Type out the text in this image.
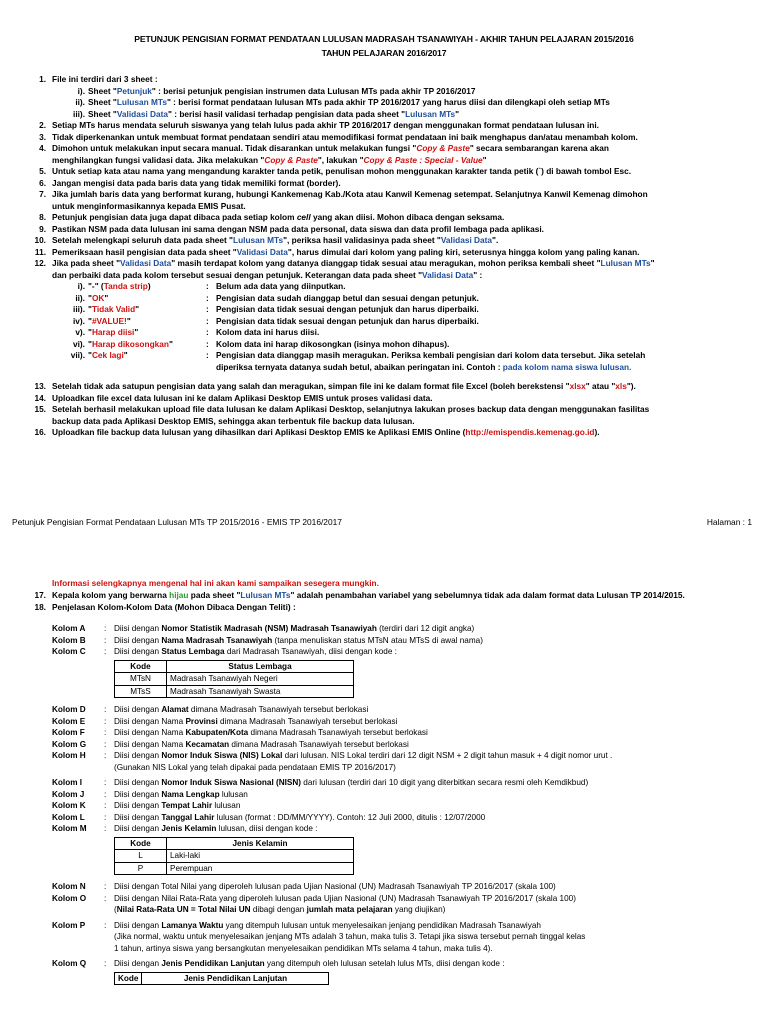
PETUNJUK PENGISIAN FORMAT PENDATAAN LULUSAN MADRASAH TSANAWIYAH - AKHIR TAHUN PELAJARAN 2015/2016
TAHUN PELAJARAN 2016/2017
1. File ini terdiri dari 3 sheet :
i). Sheet "Petunjuk" : berisi petunjuk pengisian instrumen data Lulusan MTs pada akhir TP 2016/2017
ii). Sheet "Lulusan MTs" : berisi format pendataan lulusan MTs pada akhir TP 2016/2017 yang harus diisi dan dilengkapi oleh setiap MTs
iii). Sheet "Validasi Data" : berisi hasil validasi terhadap pengisian data pada sheet "Lulusan MTs"
2. Setiap MTs harus mendata seluruh siswanya yang telah lulus pada akhir TP 2016/2017 dengan menggunakan format pendataan lulusan ini.
3. Tidak diperkenankan untuk membuat format pendataan sendiri atau memodifikasi format pendataan ini baik menghapus dan/atau menambah kolom.
4. Dimohon untuk melakukan input secara manual. Tidak disarankan untuk melakukan fungsi "Copy & Paste" secara sembarangan karena akan
menghilangkan fungsi validasi data. Jika melakukan "Copy & Paste", lakukan "Copy & Paste : Special - Value"
5. Untuk setiap kata atau nama yang mengandung karakter tanda petik, penulisan mohon menggunakan karakter tanda petik (`) di bawah tombol Esc.
6. Jangan mengisi data pada baris data yang tidak memiliki format (border).
7. Jika jumlah baris data yang berformat kurang, hubungi Kankemenag Kab./Kota atau Kanwil Kemenag setempat. Selanjutnya Kanwil Kemenag dimohon
untuk menginformasikannya kepada EMIS Pusat.
8. Petunjuk pengisian data juga dapat dibaca pada setiap kolom cell yang akan diisi. Mohon dibaca dengan seksama.
9. Pastikan NSM pada data lulusan ini sama dengan NSM pada data personal, data siswa dan data profil lembaga pada aplikasi.
10. Setelah melengkapi seluruh data pada sheet "Lulusan MTs", periksa hasil validasinya pada sheet "Validasi Data".
11. Pemeriksaan hasil pengisian data pada sheet "Validasi Data", harus dimulai dari kolom yang paling kiri, seterusnya hingga kolom yang paling kanan.
12. Jika pada sheet "Validasi Data" masih terdapat kolom yang datanya dianggap tidak sesuai atau meragukan, mohon periksa kembali sheet "Lulusan MTs"
dan perbaiki data pada kolom tersebut sesuai dengan petunjuk. Keterangan data pada sheet "Validasi Data" :
i). "-" (Tanda strip)	: Belum ada data yang diinputkan.
ii). "OK"	: Pengisian data sudah dianggap betul dan sesuai dengan petunjuk.
iii). "Tidak Valid"	: Pengisian data tidak sesuai dengan petunjuk dan harus diperbaiki.
iv). "#VALUE!"	: Pengisian data tidak sesuai dengan petunjuk dan harus diperbaiki.
v). "Harap diisi"	: Kolom data ini harus diisi.
vi). "Harap dikosongkan"	: Kolom data ini harap dikosongkan (isinya mohon dihapus).
vii). "Cek lagi"	: Pengisian data dianggap masih meragukan. Periksa kembali pengisian dari kolom data tersebut. Jika setelah
diperiksa ternyata datanya sudah betul, abaikan peringatan ini. Contoh : pada kolom nama siswa lulusan.
13. Setelah tidak ada satupun pengisian data yang salah dan meragukan, simpan file ini ke dalam format file Excel (boleh berekstensi "xlsx" atau "xls").
14. Uploadkan file excel data lulusan ini ke dalam Aplikasi Desktop EMIS untuk proses validasi data.
15. Setelah berhasil melakukan upload file data lulusan ke dalam Aplikasi Desktop, selanjutnya lakukan proses backup data dengan menggunakan fasilitas
backup data pada Aplikasi Desktop EMIS, sehingga akan terbentuk file backup data lulusan.
16. Uploadkan file backup data lulusan yang dihasilkan dari Aplikasi Desktop EMIS ke Aplikasi EMIS Online (http://emispendis.kemenag.go.id).
Petunjuk Pengisian Format Pendataan Lulusan MTs TP 2015/2016 - EMIS TP 2016/2017	Halaman : 1
Informasi selengkapnya mengenal hal ini akan kami sampaikan sesegera mungkin.
17. Kepala kolom yang berwarna hijau pada sheet "Lulusan MTs" adalah penambahan variabel yang sebelumnya tidak ada dalam format data Lulusan TP 2014/2015.
18. Penjelasan Kolom-Kolom Data (Mohon Dibaca Dengan Teliti) :
Kolom A : Diisi dengan Nomor Statistik Madrasah (NSM) Madrasah Tsanawiyah (terdiri dari 12 digit angka)
Kolom B : Diisi dengan Nama Madrasah Tsanawiyah (tanpa menuliskan status MTsN atau MTsS di awal nama)
Kolom C : Diisi dengan Status Lembaga dari Madrasah Tsanawiyah, diisi dengan kode :
Kode	Status Lembaga
MTsN	Madrasah Tsanawiyah Negeri
MTsS	Madrasah Tsanawiyah Swasta
Kolom D : Diisi dengan Alamat dimana Madrasah Tsanawiyah tersebut berlokasi
Kolom E : Diisi dengan Nama Provinsi dimana Madrasah Tsanawiyah tersebut berlokasi
Kolom F : Diisi dengan Nama Kabupaten/Kota dimana Madrasah Tsanawiyah tersebut berlokasi
Kolom G : Diisi dengan Nama Kecamatan dimana Madrasah Tsanawiyah tersebut berlokasi
Kolom H : Diisi dengan Nomor Induk Siswa (NIS) Lokal dari lulusan. NIS Lokal terdiri dari 12 digit NSM + 2 digit tahun masuk + 4 digit nomor urut .
(Gunakan NIS Lokal yang telah dipakai pada pendataan EMIS TP 2016/2017)
Kolom I	: Diisi dengan Nomor Induk Siswa Nasional (NISN) dari lulusan (terdiri dari 10 digit yang diterbitkan secara resmi oleh Kemdikbud)
Kolom J : Diisi dengan Nama Lengkap lulusan
Kolom K : Diisi dengan Tempat Lahir lulusan
Kolom L : Diisi dengan Tanggal Lahir lulusan (format : DD/MM/YYYY). Contoh: 12 Juli 2000, ditulis : 12/07/2000
Kolom M : Diisi dengan Jenis Kelamin lulusan, diisi dengan kode :
Kode	Jenis Kelamin
L	Laki-laki
P	Perempuan
Kolom N : Diisi dengan Total Nilai yang diperoleh lulusan pada Ujian Nasional (UN) Madrasah Tsanawiyah TP 2016/2017 (skala 100)
Kolom O : Diisi dengan Nilai Rata-Rata yang diperoleh lulusan pada Ujian Nasional (UN) Madrasah Tsanawiyah TP 2016/2017 (skala 100)
(Nilai Rata-Rata UN = Total Nilai UN dibagi dengan jumlah mata pelajaran yang diujikan)
Kolom P : Diisi dengan Lamanya Waktu yang ditempuh lulusan untuk menyelesaikan jenjang pendidikan Madrasah Tsanawiyah
(Jika normal, waktu untuk menyelesaikan jenjang MTs adalah 3 tahun, maka tulis 3. Tetapi jika siswa tersebut pernah tinggal kelas
1 tahun, artinya siswa yang bersangkutan menyelesaikan pendidikan MTs selama 4 tahun, maka tulis 4).
Kolom Q : Diisi dengan Jenis Pendidikan Lanjutan yang ditempuh oleh lulusan setelah lulus MTs, diisi dengan kode :
Kode	Jenis Pendidikan Lanjutan
